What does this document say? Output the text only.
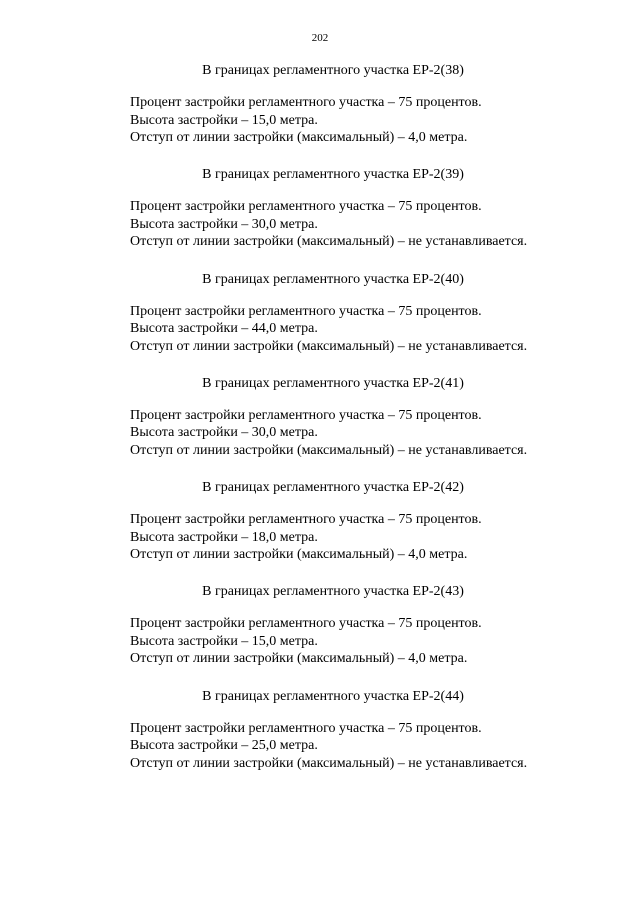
202
В границах регламентного участка ЕР-2(38)
Процент застройки регламентного участка – 75 процентов.
Высота застройки – 15,0 метра.
Отступ от линии застройки (максимальный) – 4,0 метра.
В границах регламентного участка ЕР-2(39)
Процент застройки регламентного участка – 75 процентов.
Высота застройки – 30,0 метра.
Отступ от линии застройки (максимальный) – не устанавливается.
В границах регламентного участка ЕР-2(40)
Процент застройки регламентного участка – 75 процентов.
Высота застройки – 44,0 метра.
Отступ от линии застройки (максимальный) – не устанавливается.
В границах регламентного участка ЕР-2(41)
Процент застройки регламентного участка – 75 процентов.
Высота застройки – 30,0 метра.
Отступ от линии застройки (максимальный) – не устанавливается.
В границах регламентного участка ЕР-2(42)
Процент застройки регламентного участка – 75 процентов.
Высота застройки – 18,0 метра.
Отступ от линии застройки (максимальный) – 4,0 метра.
В границах регламентного участка ЕР-2(43)
Процент застройки регламентного участка – 75 процентов.
Высота застройки – 15,0 метра.
Отступ от линии застройки (максимальный) – 4,0 метра.
В границах регламентного участка ЕР-2(44)
Процент застройки регламентного участка – 75 процентов.
Высота застройки – 25,0 метра.
Отступ от линии застройки (максимальный) – не устанавливается.
